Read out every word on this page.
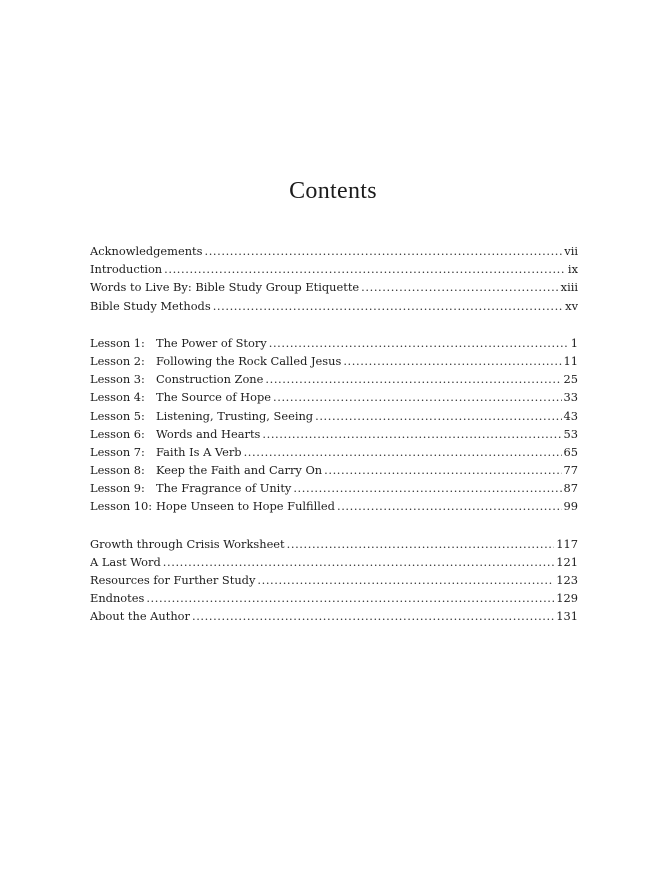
Contents
Acknowledgements .....	vii
Introduction .....	ix
Words to Live By: Bible Study Group Etiquette .....	xiii
Bible Study Methods .....	xv
Lesson 1: The Power of Story .....	1
Lesson 2: Following the Rock Called Jesus .....	11
Lesson 3: Construction Zone .....	25
Lesson 4: The Source of Hope .....	33
Lesson 5: Listening, Trusting, Seeing .....	43
Lesson 6: Words and Hearts .....	53
Lesson 7: Faith Is A Verb .....	65
Lesson 8: Keep the Faith and Carry On .....	77
Lesson 9: The Fragrance of Unity .....	87
Lesson 10: Hope Unseen to Hope Fulfilled .....	99
Growth through Crisis Worksheet .....	117
A Last Word .....	121
Resources for Further Study .....	123
Endnotes .....	129
About the Author .....	131
